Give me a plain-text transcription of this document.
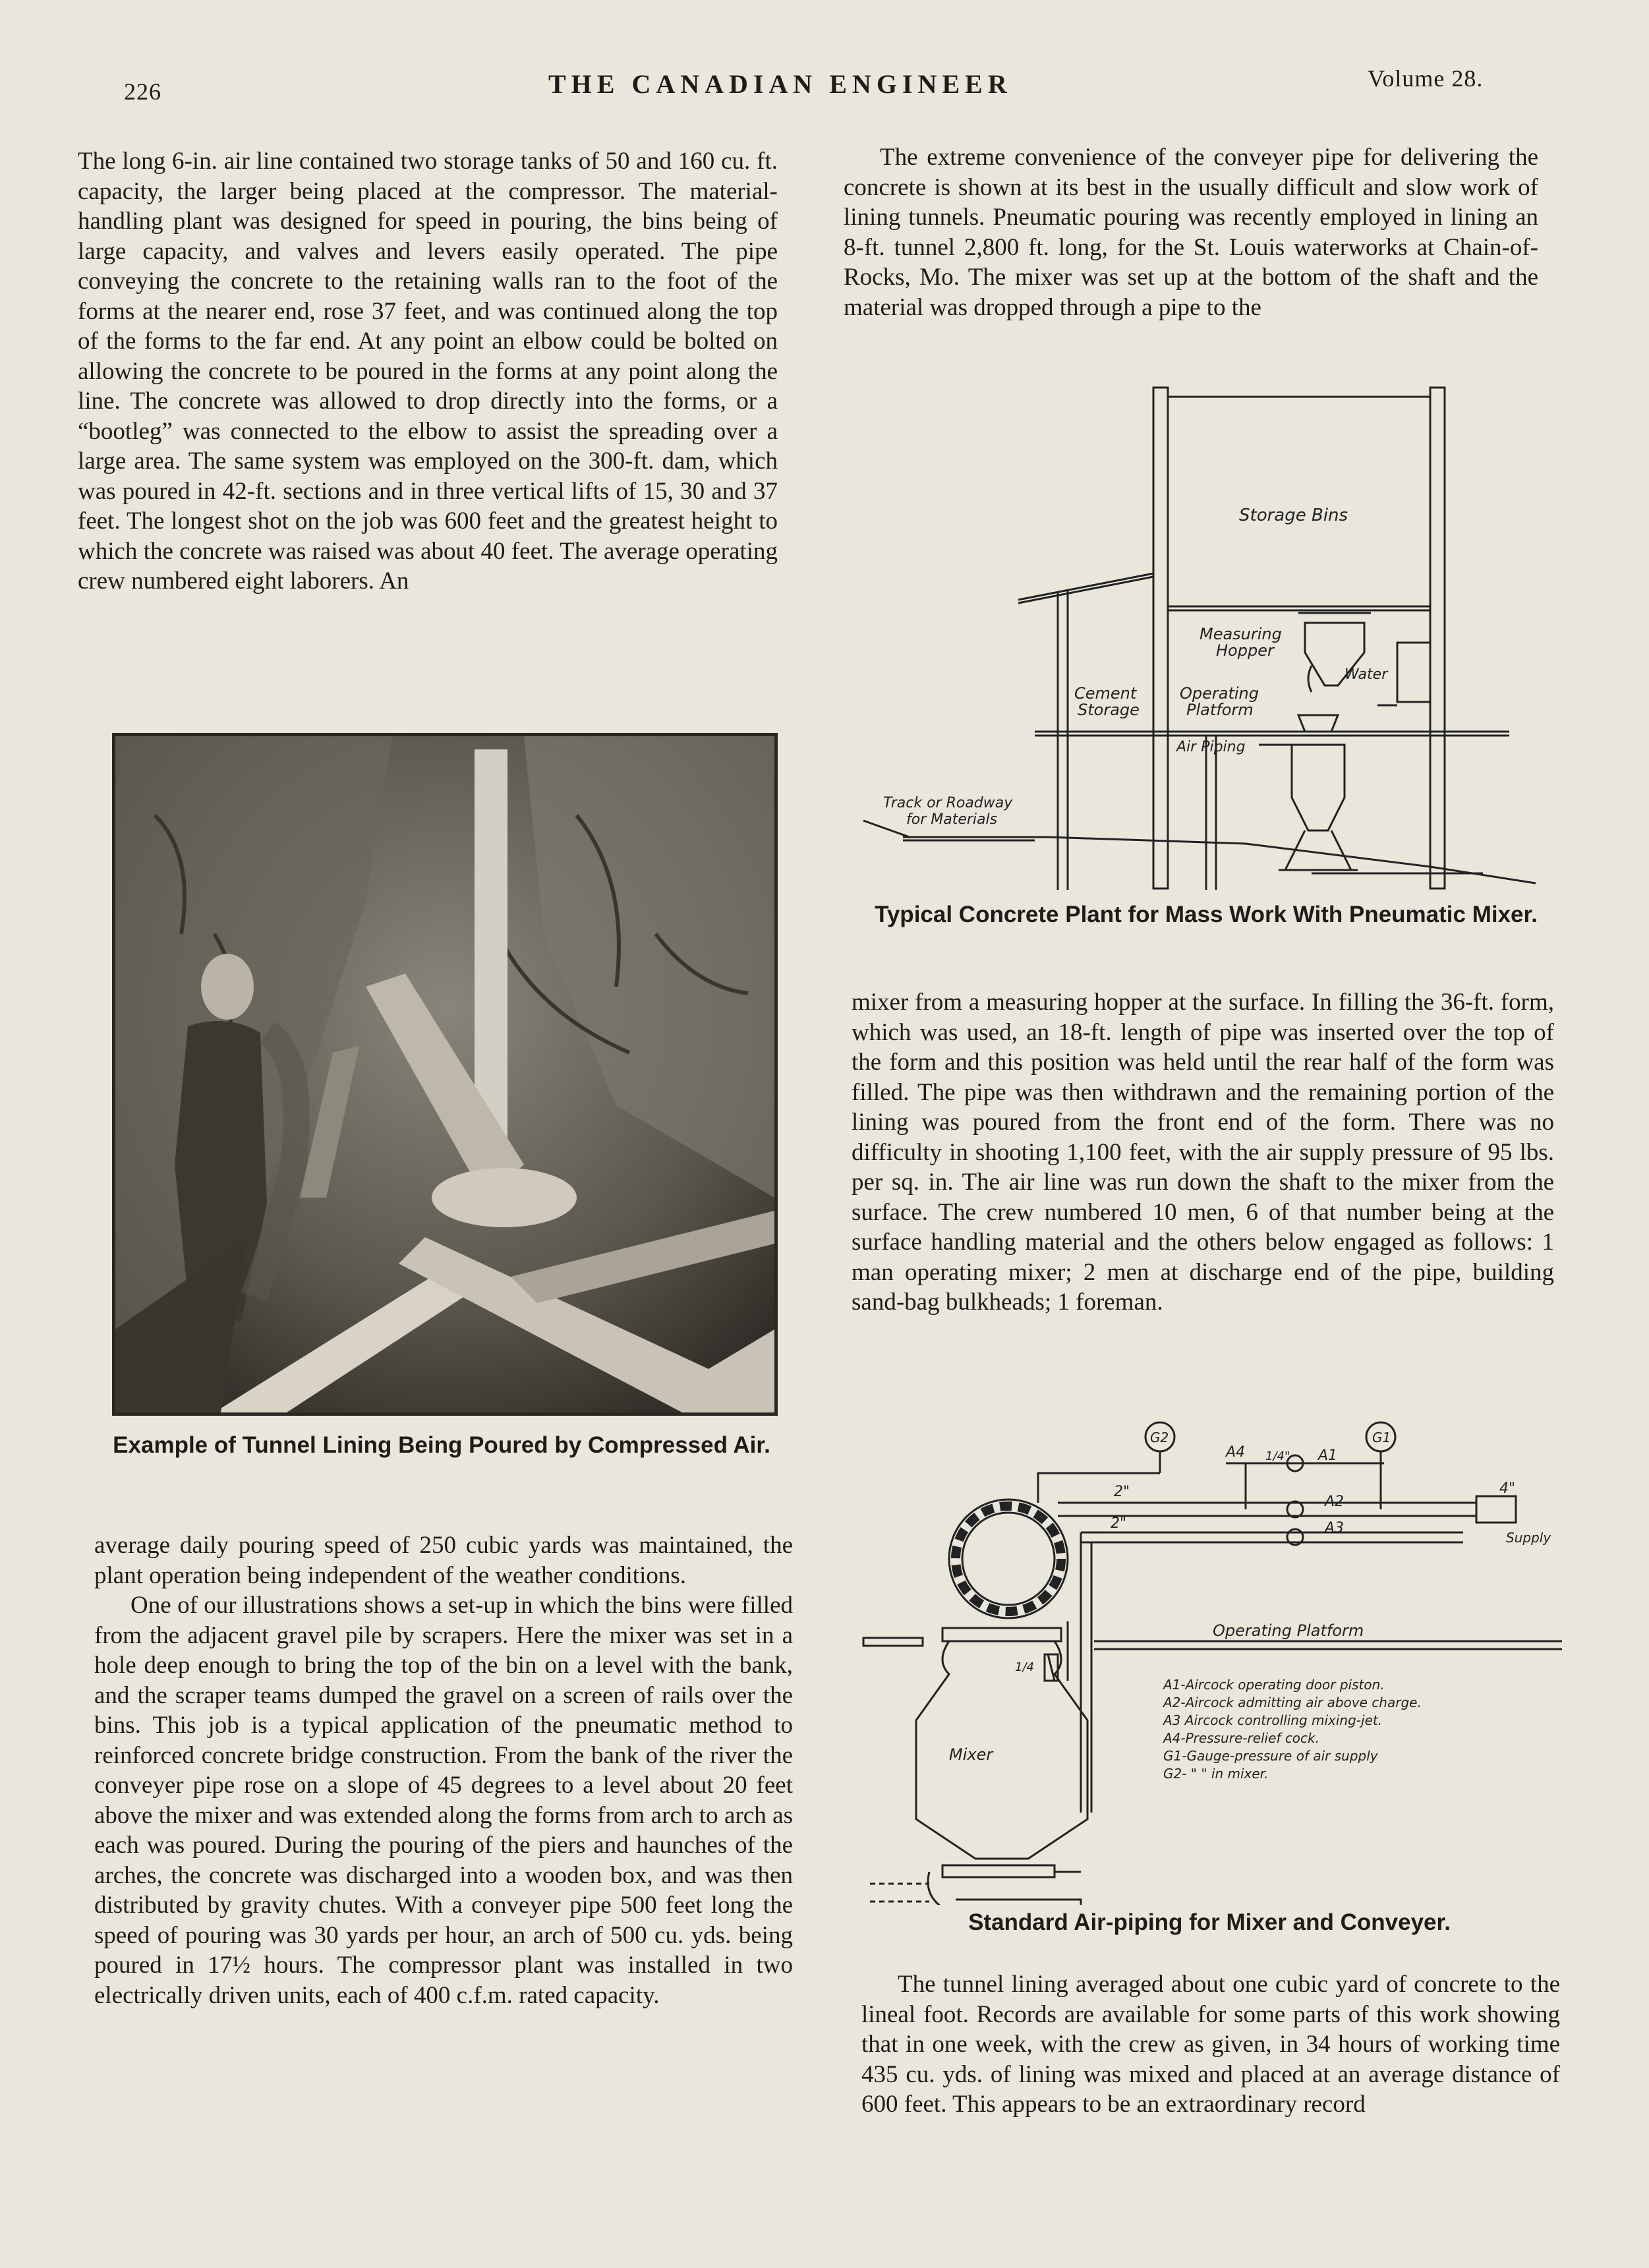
226	THE CANADIAN ENGINEER	Volume 28.

The long 6-in. air line contained two storage tanks of 50 and 160 cu. ft. capacity, the larger being placed at the compressor. The material-handling plant was designed for speed in pouring, the bins being of large capacity, and valves and levers easily operated. The pipe conveying the concrete to the retaining walls ran to the foot of the forms at the nearer end, rose 37 feet, and was continued along the top of the forms to the far end. At any point an elbow could be bolted on allowing the concrete to be poured in the forms at any point along the line. The concrete was allowed to drop directly into the forms, or a “bootleg” was connected to the elbow to assist the spreading over a large area. The same system was employed on the 300-ft. dam, which was poured in 42-ft. sections and in three vertical lifts of 15, 30 and 37 feet. The longest shot on the job was 600 feet and the greatest height to which the concrete was raised was about 40 feet. The average operating crew numbered eight laborers. An

The extreme convenience of the conveyer pipe for delivering the concrete is shown at its best in the usually difficult and slow work of lining tunnels. Pneumatic pouring was recently employed in lining an 8-ft. tunnel 2,800 ft. long, for the St. Louis waterworks at Chain-of-Rocks, Mo. The mixer was set up at the bottom of the shaft and the material was dropped through a pipe to the

Storage Bins
Measuring
Hopper
Water
Cement
Storage
Operating
Platform
Air Piping
Track or Roadway
for Materials
Typical Concrete Plant for Mass Work With Pneumatic Mixer.

mixer from a measuring hopper at the surface. In filling the 36-ft. form, which was used, an 18-ft. length of pipe was inserted over the top of the form and this position was held until the rear half of the form was filled. The pipe was then withdrawn and the remaining portion of the lining was poured from the front end of the form. There was no difficulty in shooting 1,100 feet, with the air supply pressure of 95 lbs. per sq. in. The air line was run down the shaft to the mixer from the surface. The crew numbered 10 men, 6 of that number being at the surface handling material and the others below engaged as follows: 1 man operating mixer; 2 men at discharge end of the pipe, building sand-bag bulkheads; 1 foreman.

Example of Tunnel Lining Being Poured by Compressed Air.

average daily pouring speed of 250 cubic yards was maintained, the plant operation being independent of the weather conditions.

One of our illustrations shows a set-up in which the bins were filled from the adjacent gravel pile by scrapers. Here the mixer was set in a hole deep enough to bring the top of the bin on a level with the bank, and the scraper teams dumped the gravel on a screen of rails over the bins. This job is a typical application of the pneumatic method to reinforced concrete bridge construction. From the bank of the river the conveyer pipe rose on a slope of 45 degrees to a level about 20 feet above the mixer and was extended along the forms from arch to arch as each was poured. During the pouring of the piers and haunches of the arches, the concrete was discharged into a wooden box, and was then distributed by gravity chutes. With a conveyer pipe 500 feet long the speed of pouring was 30 yards per hour, an arch of 500 cu. yds. being poured in 17½ hours. The compressor plant was installed in two electrically driven units, each of 400 c.f.m. rated capacity.

G2	G1
A4	A1
A2
A3
1/4"
2"
2"
4"
Supply
1/4
Operating Platform
Mixer
A1-Aircock operating door piston.
A2-Aircock admitting air above charge.
A3 Aircock controlling mixing-jet.
A4-Pressure-relief cock.
G1-Gauge-pressure of air supply
G2- " " in mixer.
Standard Air-piping for Mixer and Conveyer.

The tunnel lining averaged about one cubic yard of concrete to the lineal foot. Records are available for some parts of this work showing that in one week, with the crew as given, in 34 hours of working time 435 cu. yds. of lining was mixed and placed at an average distance of 600 feet. This appears to be an extraordinary record
